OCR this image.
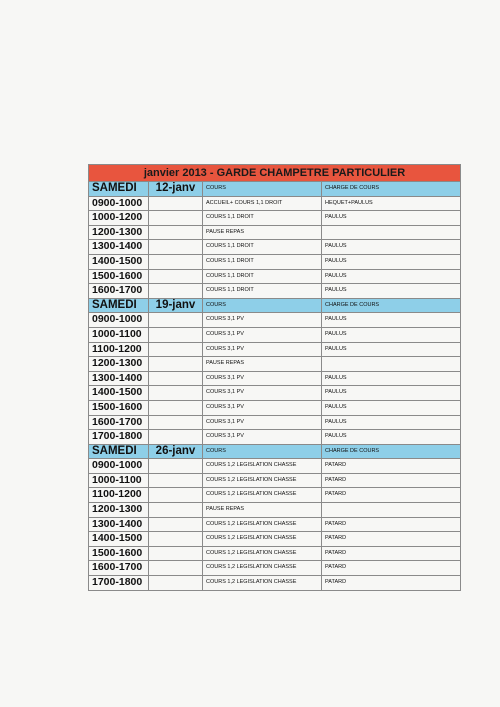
janvier 2013 - GARDE CHAMPETRE PARTICULIER			
SAMEDI	12-janv	COURS	CHARGE DE COURS
0900-1000		ACCUEIL+ COURS 1,1 DROIT	HEQUET+PAULUS
1000-1200		COURS 1,1 DROIT	PAULUS
1200-1300		PAUSE REPAS	
1300-1400		COURS 1,1 DROIT	PAULUS
1400-1500		COURS 1,1 DROIT	PAULUS
1500-1600		COURS 1,1 DROIT	PAULUS
1600-1700		COURS 1,1 DROIT	PAULUS
SAMEDI	19-janv	COURS	CHARGE DE COURS
0900-1000		COURS 3,1 PV	PAULUS
1000-1100		COURS 3,1 PV	PAULUS
1100-1200		COURS 3,1 PV	PAULUS
1200-1300		PAUSE REPAS	
1300-1400		COURS 3,1 PV	PAULUS
1400-1500		COURS 3,1 PV	PAULUS
1500-1600		COURS 3,1 PV	PAULUS
1600-1700		COURS 3,1 PV	PAULUS
1700-1800		COURS 3,1 PV	PAULUS
SAMEDI	26-janv	COURS	CHARGE DE COURS
0900-1000		COURS 1,2 LEGISLATION CHASSE	PATARD
1000-1100		COURS 1,2 LEGISLATION CHASSE	PATARD
1100-1200		COURS 1,2 LEGISLATION CHASSE	PATARD
1200-1300		PAUSE REPAS	
1300-1400		COURS 1,2 LEGISLATION CHASSE	PATARD
1400-1500		COURS 1,2 LEGISLATION CHASSE	PATARD
1500-1600		COURS 1,2 LEGISLATION CHASSE	PATARD
1600-1700		COURS 1,2 LEGISLATION CHASSE	PATARD
1700-1800		COURS 1,2 LEGISLATION CHASSE	PATARD
